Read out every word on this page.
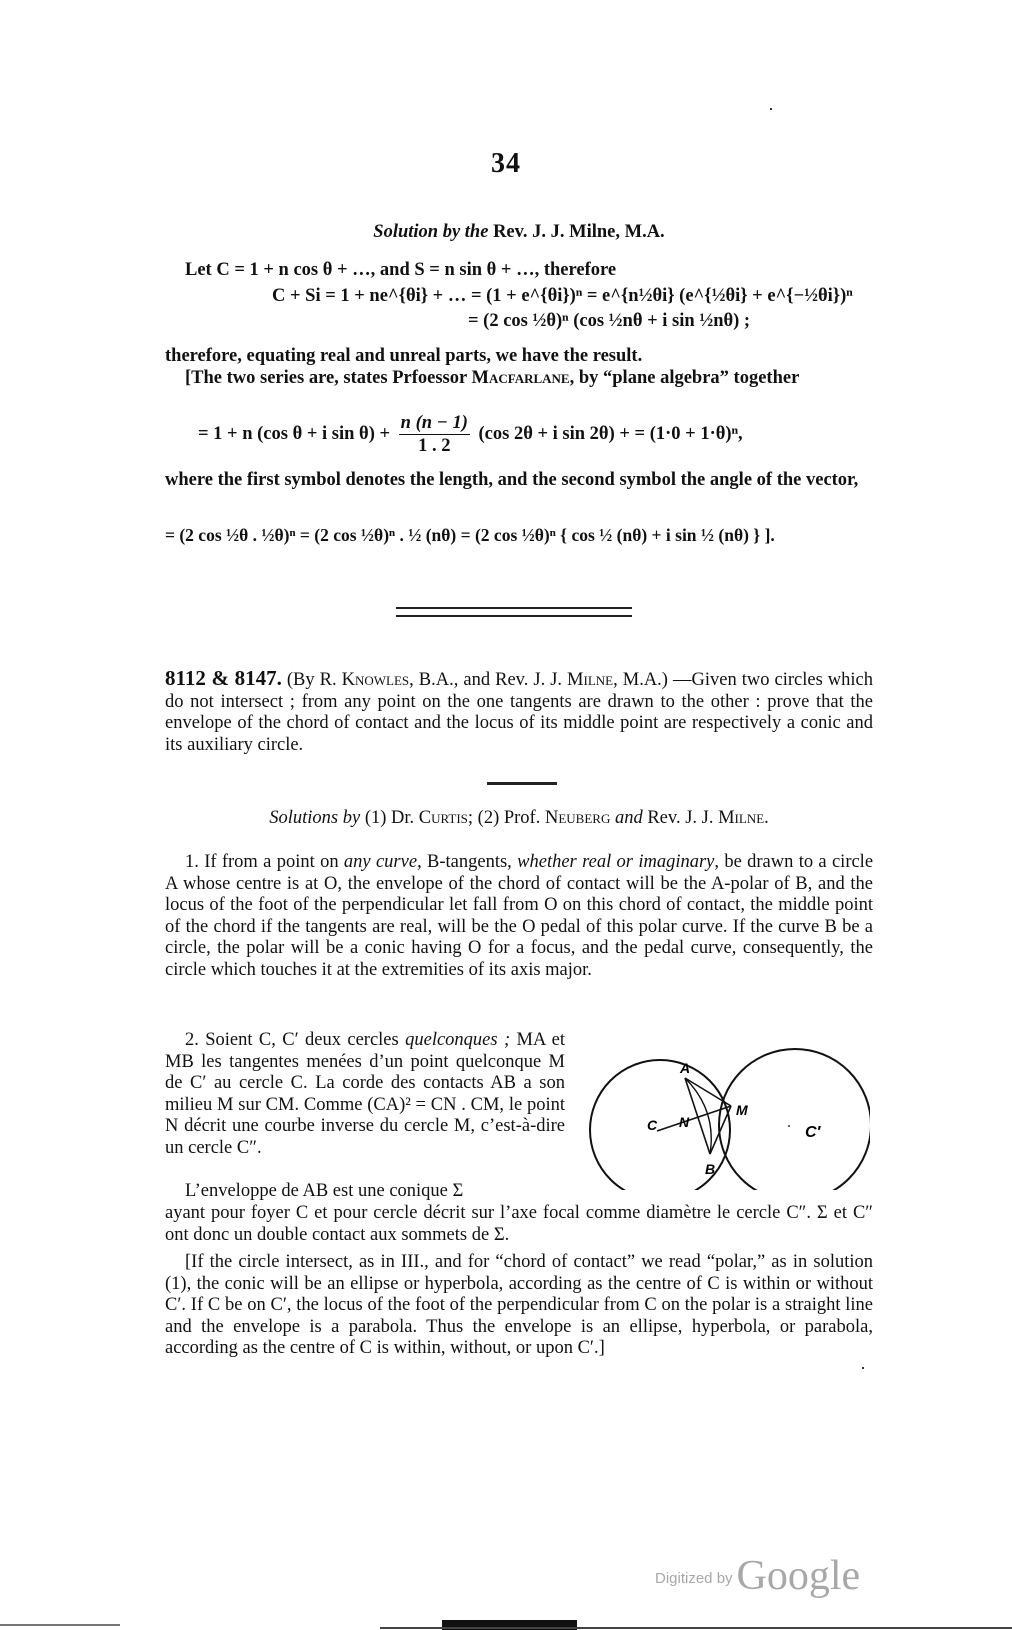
34
Solution by the Rev. J. J. Milne, M.A.
Let C = 1 + n cos θ + …, and S = n sin θ + …, therefore
C + Si = 1 + ne^{θi} + … = (1 + e^{θi})ⁿ = e^{n½θi} (e^{½θi} + e^{−½θi})ⁿ
= (2 cos ½θ)ⁿ (cos ½nθ + i sin ½nθ) ;
therefore, equating real and unreal parts, we have the result.
[The two series are, states Prfoessor Macfarlane, by “plane algebra” together
= 1 + n (cos θ + i $\sin \theta) + \frac{n (n - 1)}{1 . 2} (\cos$ 2θ + i sin 2θ) + = (1·0 + 1·θ)ⁿ,
where the first symbol denotes the length, and the second symbol the angle of the vector,
= (2 cos ½θ . ½θ)ⁿ = (2 cos ½θ)ⁿ . ½ (nθ) = (2 cos ½θ)ⁿ { cos ½ (nθ) + i sin ½ (nθ) } ].
8112 & 8147. (By R. Knowles, B.A., and Rev. J. J. Milne, M.A.) —Given two circles which do not intersect ; from any point on the one tangents are drawn to the other : prove that the envelope of the chord of contact and the locus of its middle point are respectively a conic and its auxiliary circle.
Solutions by (1) Dr. Curtis; (2) Prof. Neuberg and Rev. J. J. Milne.
1. If from a point on any curve, B-tangents, whether real or imaginary, be drawn to a circle A whose centre is at O, the envelope of the chord of contact will be the A-polar of B, and the locus of the foot of the perpendicular let fall from O on this chord of contact, the middle point of the chord if the tangents are real, will be the O pedal of this polar curve. If the curve B be a circle, the polar will be a conic having O for a focus, and the pedal curve, consequently, the circle which touches it at the extremities of its axis major.
2. Soient C, C′ deux cercles quelconques ; MA et MB les tangentes menées d’un point quelconque M de C′ au cercle C. La corde des contacts AB a son milieu M sur CM. Comme (CA)² = CN . CM, le point N décrit une courbe inverse du cercle M, c’est-à-dire un cercle C″.
L’enveloppe de AB est une conique Σ
ayant pour foyer C et pour cercle décrit sur l’axe focal comme diamètre le cercle C″. Σ et C″ ont donc un double contact aux sommets de Σ.
[If the circle intersect, as in III., and for “chord of contact” we read “polar,” as in solution (1), the conic will be an ellipse or hyperbola, according as the centre of C is within or without C′. If C be on C′, the locus of the foot of the perpendicular from C on the polar is a straight line and the envelope is a parabola. Thus the envelope is an ellipse, hyperbola, or parabola, according as the centre of C is within, without, or upon C′.]
A
B
C N
M
C′
Digitized by Google
